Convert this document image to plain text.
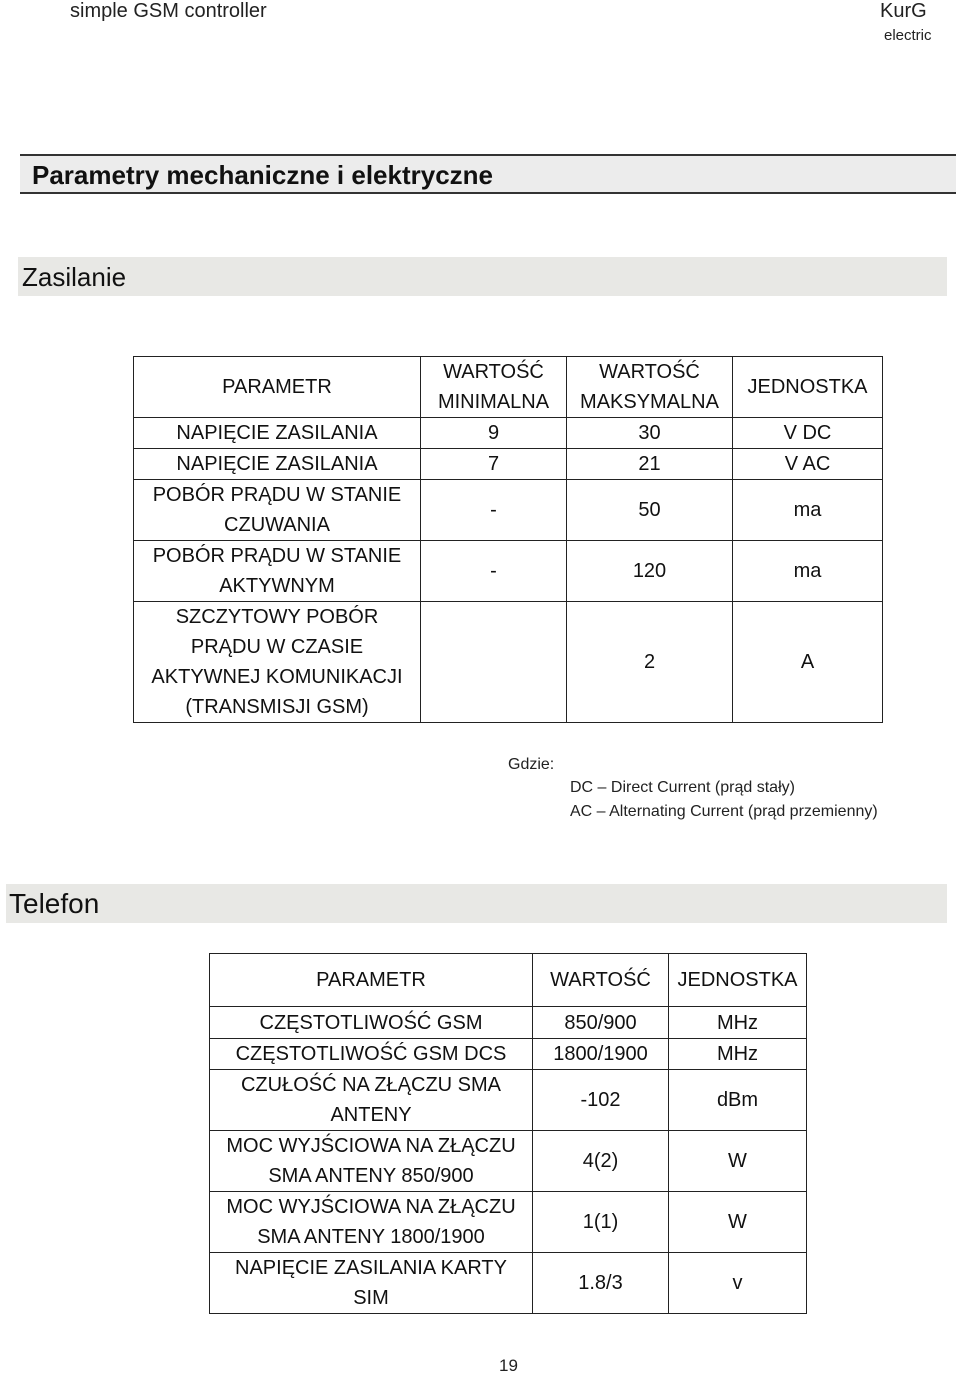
simple GSM controller	KurG
electric
Parametry mechaniczne i elektryczne
Zasilanie
PARAMETR	WARTOŚĆ MINIMALNA	WARTOŚĆ MAKSYMALNA	JEDNOSTKA
NAPIĘCIE ZASILANIA	9	30	V DC
NAPIĘCIE ZASILANIA	7	21	V AC
POBÓR PRĄDU W STANIE CZUWANIA	-	50	ma
POBÓR PRĄDU W STANIE AKTYWNYM	-	120	ma
SZCZYTOWY POBÓR PRĄDU W CZASIE AKTYWNEJ KOMUNIKACJI (TRANSMISJI GSM)		2	A
Gdzie:
DC – Direct Current (prąd stały)
AC – Alternating Current (prąd przemienny)
Telefon
PARAMETR	WARTOŚĆ	JEDNOSTKA
CZĘSTOTLIWOŚĆ GSM	850/900	MHz
CZĘSTOTLIWOŚĆ GSM DCS	1800/1900	MHz
CZUŁOŚĆ NA ZŁĄCZU SMA ANTENY	-102	dBm
MOC WYJŚCIOWA NA ZŁĄCZU SMA ANTENY 850/900	4(2)	W
MOC WYJŚCIOWA NA ZŁĄCZU SMA ANTENY 1800/1900	1(1)	W
NAPIĘCIE ZASILANIA KARTY SIM	1.8/3	v
19
